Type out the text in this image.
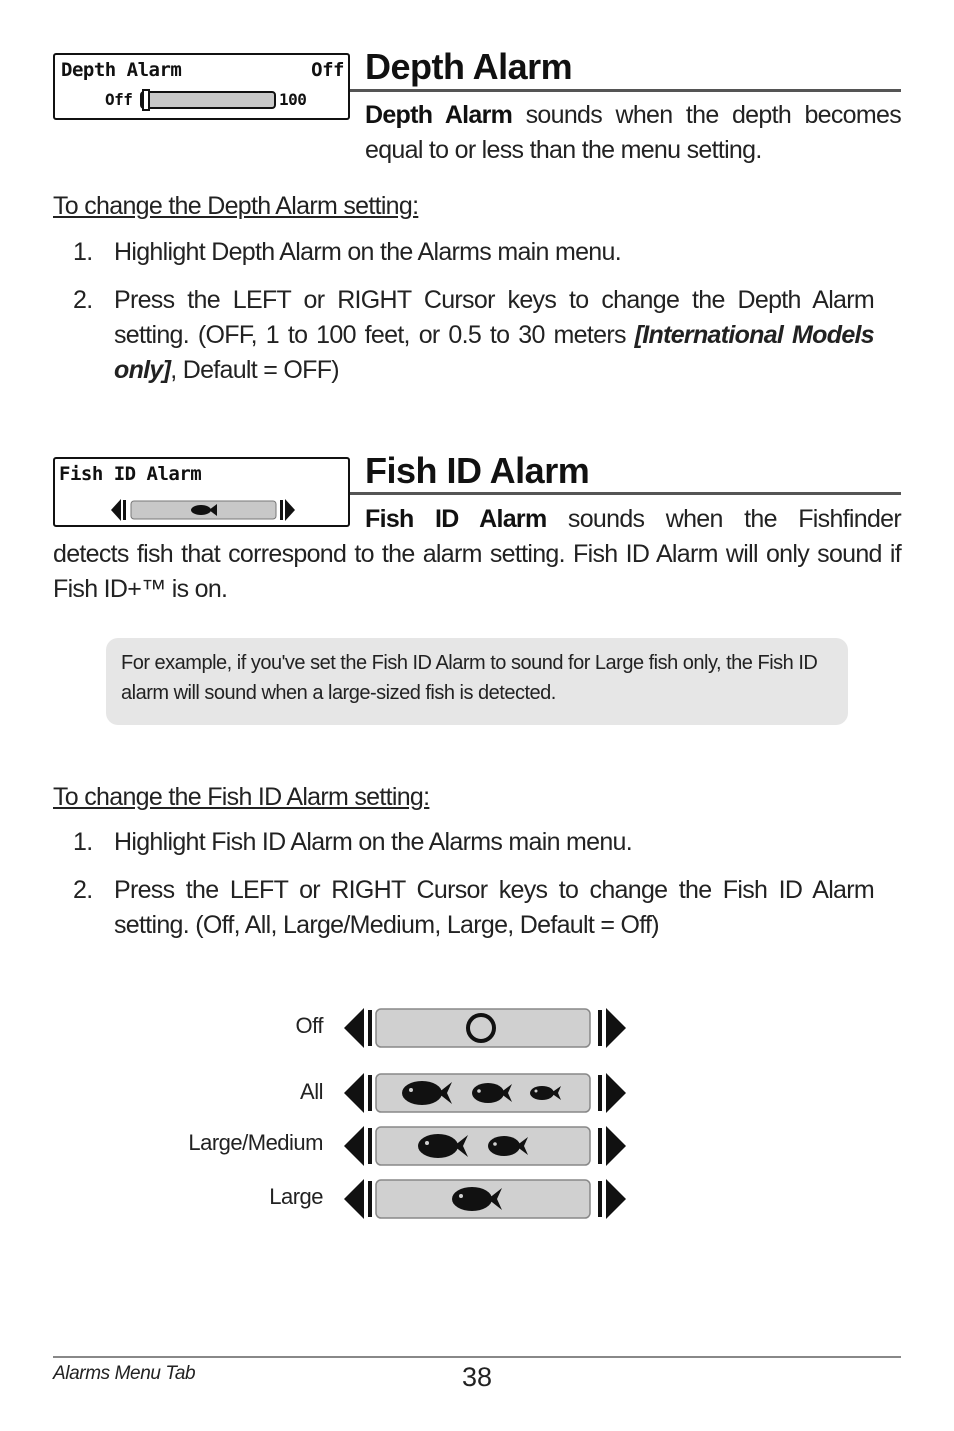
Depth Alarm	Off
Off	100
Depth Alarm
Depth Alarm sounds when the depth becomes equal to or less than the menu setting.
To change the Depth Alarm setting:
1. Highlight Depth Alarm on the Alarms main menu.
2. Press the LEFT or RIGHT Cursor keys to change the Depth Alarm setting. (OFF, 1 to 100 feet, or 0.5 to 30 meters [International Models only], Default = OFF)
Fish ID Alarm	Fish ID Alarm
Fish ID Alarm sounds when the Fishfinder
detects fish that correspond to the alarm setting. Fish ID Alarm will only sound if Fish ID+™ is on.
For example, if you've set the Fish ID Alarm to sound for Large fish only, the Fish ID alarm will sound when a large-sized fish is detected.
To change the Fish ID Alarm setting:
1. Highlight Fish ID Alarm on the Alarms main menu.
2. Press the LEFT or RIGHT Cursor keys to change the Fish ID Alarm setting. (Off, All, Large/Medium, Large, Default = Off)
Off
All
Large/Medium
Large
Alarms Menu Tab	38
